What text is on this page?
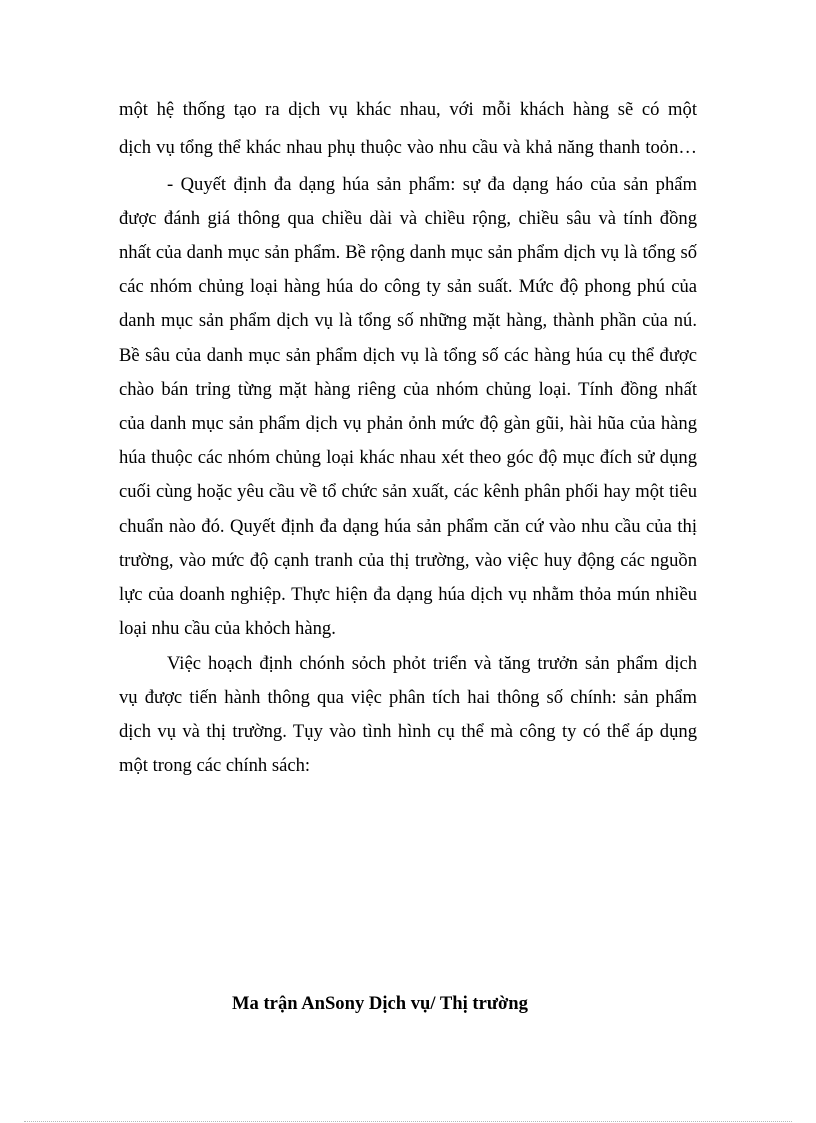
một hệ thống tạo ra dịch vụ khác nhau, với mỗi khách hàng sẽ có một
dịch vụ tổng thể khác nhau phụ thuộc vào nhu cầu và khả năng thanh toỏn…
- Quyết định đa dạng húa sản phẩm: sự đa dạng háo của sản phẩm
được đánh giá thông qua chiều dài và chiều rộng, chiều sâu và tính đồng
nhất của danh mục sản phẩm. Bề rộng danh mục sản phẩm dịch vụ là tổng số
các nhóm chủng loại hàng húa do công ty sản suất. Mức độ phong phú của
danh mục sản phẩm dịch vụ là tổng số những mặt hàng, thành phần của nú.
Bề sâu của danh mục sản phẩm dịch vụ là tổng số các hàng húa cụ thể được
chào bán trỉng từng mặt hàng riêng của nhóm chủng loại. Tính đồng nhất
của danh mục sản phẩm dịch vụ phản ỏnh mức độ gàn gũi, hài hũa của hàng
húa thuộc các nhóm chủng loại khác nhau xét theo góc độ mục đích sử dụng
cuối cùng hoặc yêu cầu về tổ chức sản xuất, các kênh phân phối hay một tiêu
chuẩn nào đó. Quyết định đa dạng húa sản phẩm căn cứ vào nhu cầu của thị
trường, vào mức độ cạnh tranh của thị trường, vào việc huy động các nguồn
lực của doanh nghiệp. Thực hiện đa dạng húa dịch vụ nhằm thỏa mún nhiều
loại nhu cầu của khỏch hàng.
Việc hoạch định chónh sỏch phỏt triển và tăng trưởn sản phẩm dịch
vụ được tiến hành thông qua việc phân tích hai thông số chính: sản phẩm
dịch vụ và thị trường. Tụy vào tình hình cụ thể mà công ty có thể áp dụng
một trong các chính sách:
Ma trận AnSony Dịch vụ/ Thị trường
